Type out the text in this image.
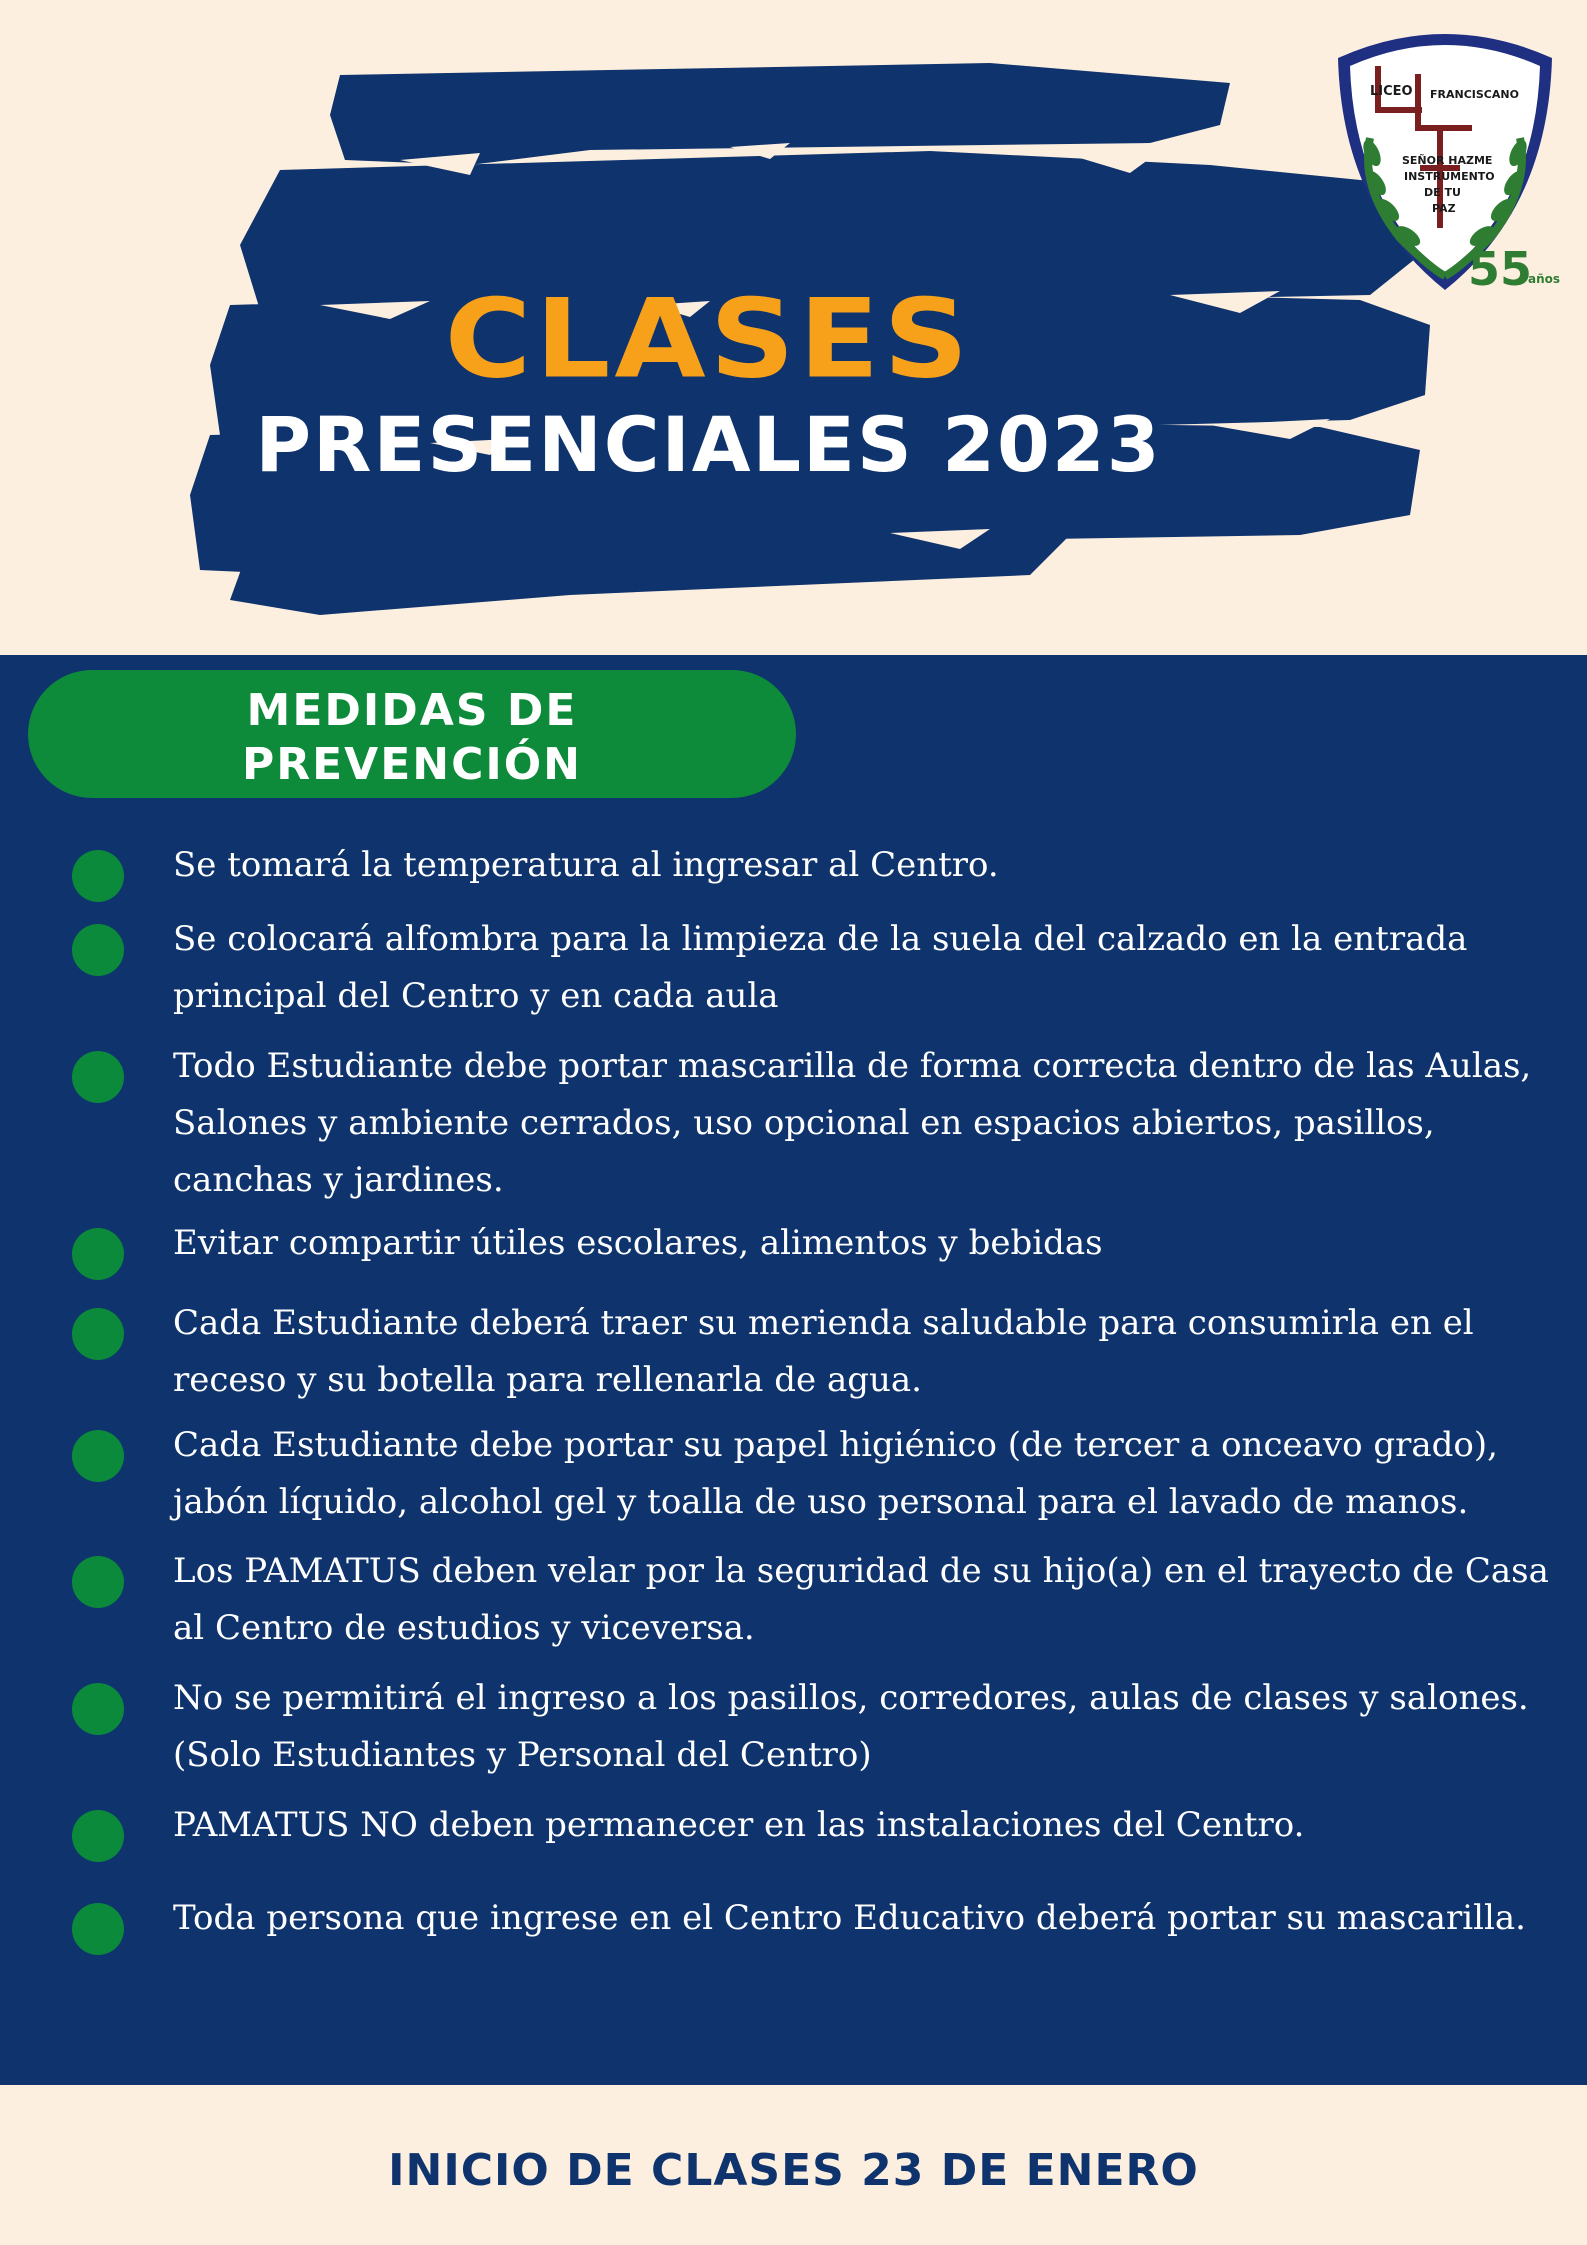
CLASES
PRESENCIALES 2023
LICEO FRANCISCANO
SEÑOR HAZME
INSTRUMENTO
DE TU
PAZ
55
años
MEDIDAS DE
PREVENCIÓN
Se tomará la temperatura al ingresar al Centro.
Se colocará alfombra para la limpieza de la suela del calzado en la entrada principal del Centro y en cada aula
Todo Estudiante debe portar mascarilla de forma correcta dentro de las Aulas, Salones y ambiente cerrados, uso opcional en espacios abiertos, pasillos, canchas y jardines.
Evitar compartir útiles escolares, alimentos y bebidas
Cada Estudiante deberá traer su merienda saludable para consumirla en el receso y su botella para rellenarla de agua.
Cada Estudiante debe portar su papel higiénico (de tercer a onceavo grado), jabón líquido, alcohol gel y toalla de uso personal para el lavado de manos.
Los PAMATUS deben velar por la seguridad de su hijo(a) en el trayecto de Casa al Centro de estudios y viceversa.
No se permitirá el ingreso a los pasillos, corredores, aulas de clases y salones. (Solo Estudiantes y Personal del Centro)
PAMATUS NO deben permanecer en las instalaciones del Centro.
Toda persona que ingrese en el Centro Educativo deberá portar su mascarilla.
INICIO DE CLASES 23 DE ENERO
